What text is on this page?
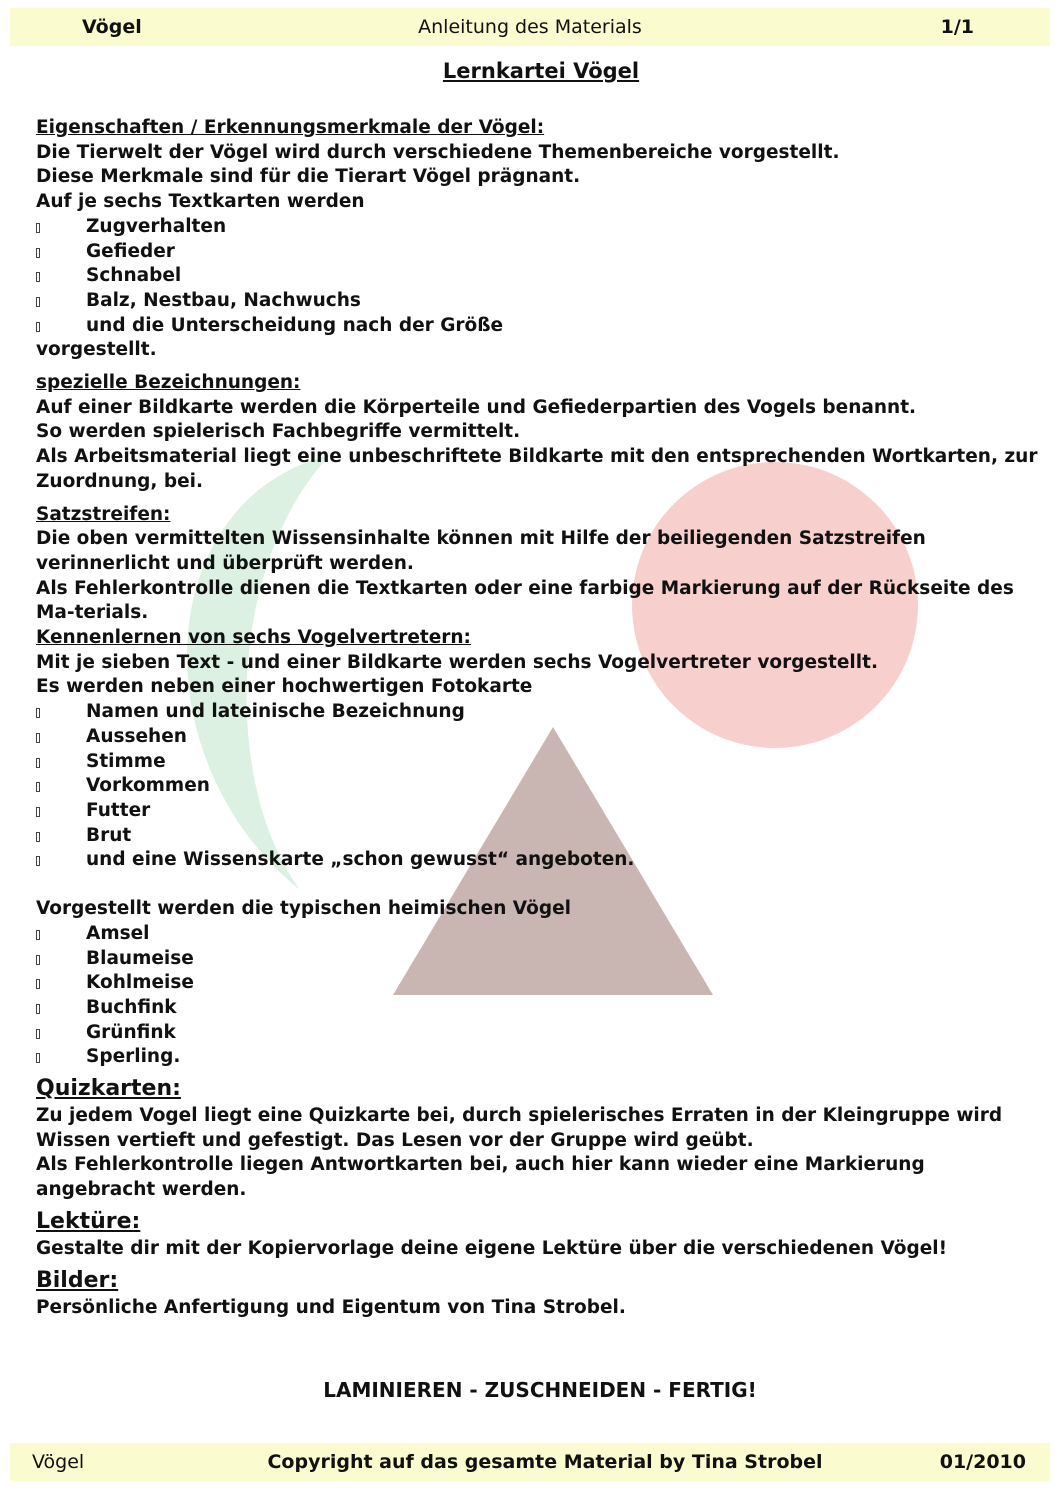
Vögel	Anleitung des Materials	1/1
Lernkartei Vögel
Eigenschaften / Erkennungsmerkmale der Vögel:

Die Tierwelt der Vögel wird durch verschiedene Themenbereiche vorgestellt.

Diese Merkmale sind für die Tierart Vögel prägnant.

Auf je sechs Textkarten werden

Zugverhalten
Gefieder
Schnabel
Balz, Nestbau, Nachwuchs
und die Unterscheidung nach der Größe

vorgestellt.

spezielle Bezeichnungen:

Auf einer Bildkarte werden die Körperteile und Gefiederpartien des Vogels benannt.

So werden spielerisch Fachbegriffe vermittelt.

Als Arbeitsmaterial liegt eine unbeschriftete Bildkarte mit den entsprechenden Wortkarten, zur Zuordnung, bei.

Satzstreifen:

Die oben vermittelten Wissensinhalte können mit Hilfe der beiliegenden Satzstreifen verinnerlicht und überprüft werden.

Als Fehlerkontrolle dienen die Textkarten oder eine farbige Markierung auf der Rückseite des Ma-terials.

Kennenlernen von sechs Vogelvertretern:

Mit je sieben Text - und einer Bildkarte werden sechs Vogelvertreter vorgestellt.

Es werden neben einer hochwertigen Fotokarte

Namen und lateinische Bezeichnung
Aussehen
Stimme
Vorkommen
Futter
Brut
und eine Wissenskarte „schon gewusst“ angeboten.

Vorgestellt werden die typischen heimischen Vögel

Amsel
Blaumeise
Kohlmeise
Buchfink
Grünfink
Sperling.
Quizkarten:

Zu jedem Vogel liegt eine Quizkarte bei, durch spielerisches Erraten in der Kleingruppe wird Wissen vertieft und gefestigt. Das Lesen vor der Gruppe wird geübt.

Als Fehlerkontrolle liegen Antwortkarten bei, auch hier kann wieder eine Markierung angebracht werden.

Lektüre:

Gestalte dir mit der Kopiervorlage deine eigene Lektüre über die verschiedenen Vögel!

Bilder:

Persönliche Anfertigung und Eigentum von Tina Strobel.

LAMINIEREN - ZUSCHNEIDEN - FERTIG!
Vögel	Copyright auf das gesamte Material by Tina Strobel	01/2010
